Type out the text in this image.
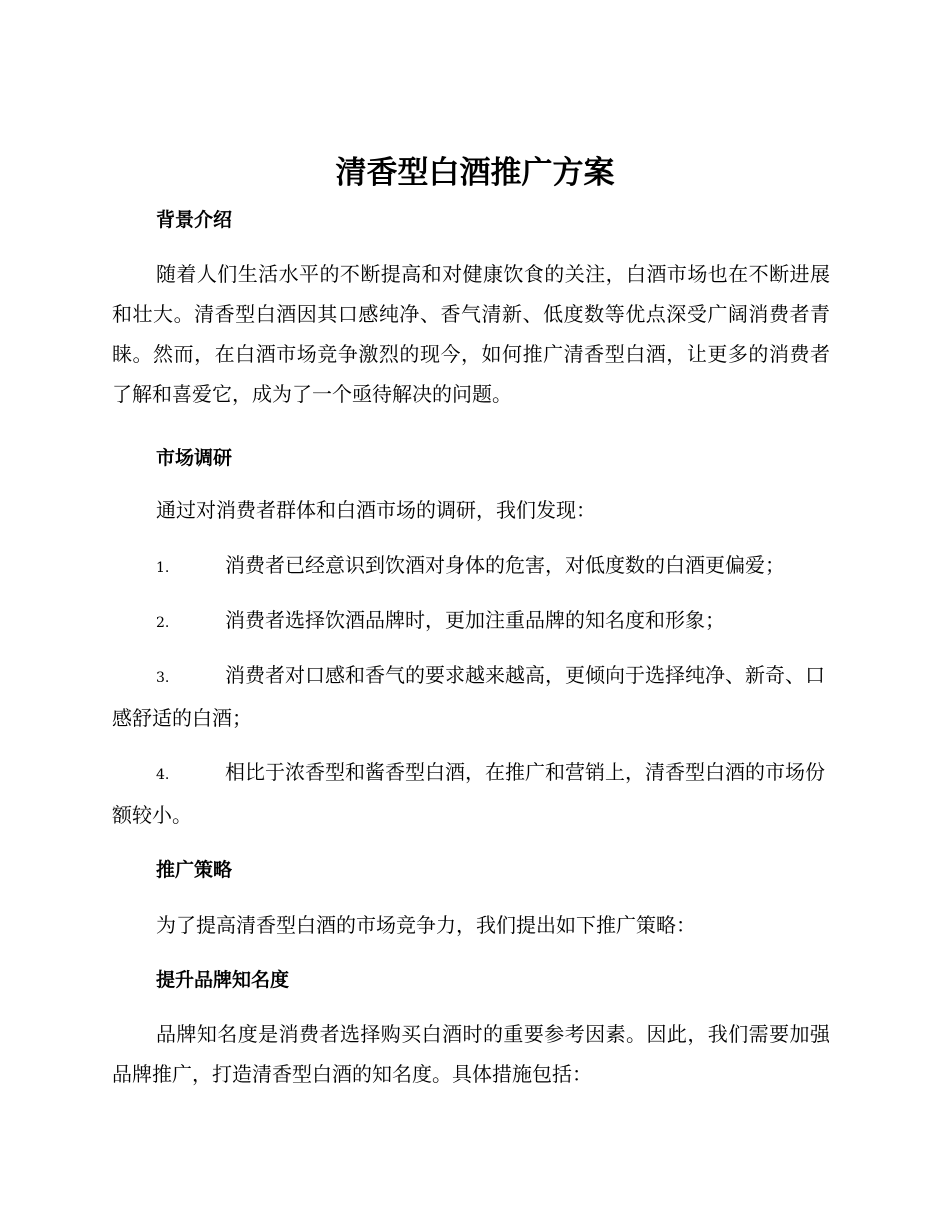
清香型白酒推广方案
背景介绍

随着人们生活水平的不断提高和对健康饮食的关注，白酒市场也在不断进展和壮大。清香型白酒因其口感纯净、香气清新、低度数等优点深受广阔消费者青睐。然而，在白酒市场竞争激烈的现今，如何推广清香型白酒，让更多的消费者了解和喜爱它，成为了一个亟待解决的问题。

市场调研

通过对消费者群体和白酒市场的调研，我们发现：

1.	消费者已经意识到饮酒对身体的危害，对低度数的白酒更偏爱；

2.	消费者选择饮酒品牌时，更加注重品牌的知名度和形象；

3.	消费者对口感和香气的要求越来越高，更倾向于选择纯净、新奇、口感舒适的白酒；

4.	相比于浓香型和酱香型白酒，在推广和营销上，清香型白酒的市场份额较小。

推广策略

为了提高清香型白酒的市场竞争力，我们提出如下推广策略：

提升品牌知名度

品牌知名度是消费者选择购买白酒时的重要参考因素。因此，我们需要加强品牌推广，打造清香型白酒的知名度。具体措施包括：
